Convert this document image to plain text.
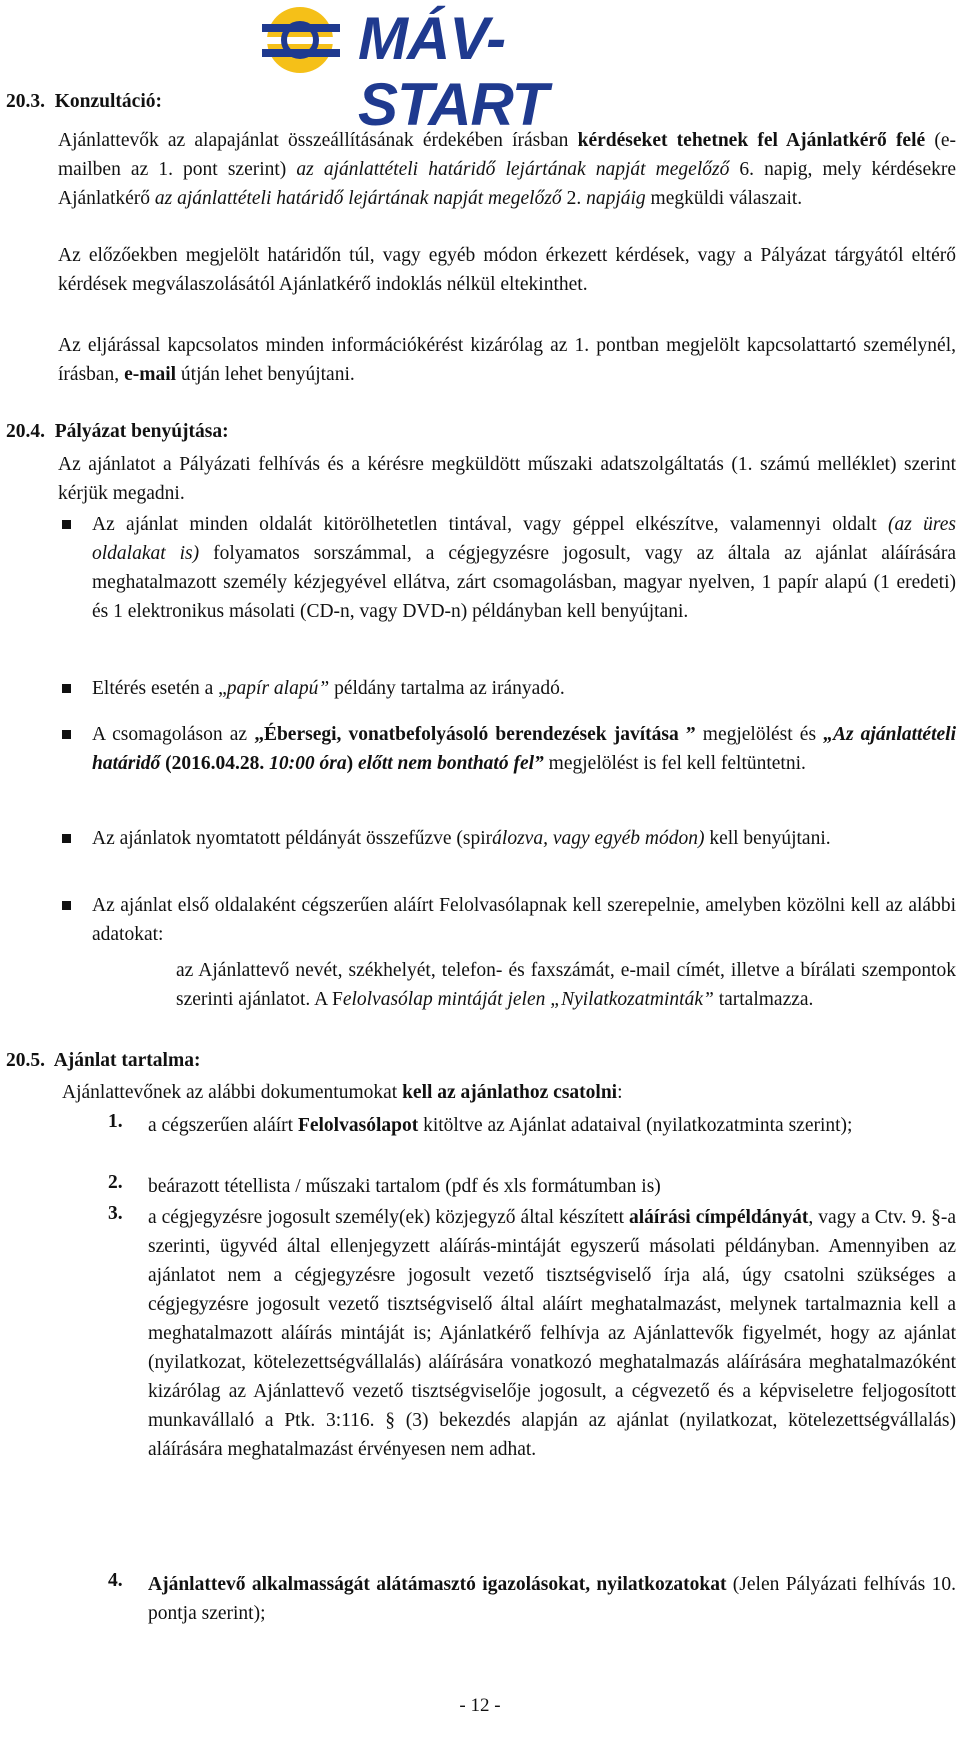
MÁV-START
20.3. Konzultáció:
Ajánlattevők az alapajánlat összeállításának érdekében írásban kérdéseket tehetnek fel Ajánlatkérő felé (e-mailben az 1. pont szerint) az ajánlattételi határidő lejártának napját megelőző 6. napig, mely kérdésekre Ajánlatkérő az ajánlattételi határidő lejártának napját megelőző 2. napjáig megküldi válaszait.
Az előzőekben megjelölt határidőn túl, vagy egyéb módon érkezett kérdések, vagy a Pályázat tárgyától eltérő kérdések megválaszolásától Ajánlatkérő indoklás nélkül eltekinthet.
Az eljárással kapcsolatos minden információkérést kizárólag az 1. pontban megjelölt kapcsolattartó személynél, írásban, e-mail útján lehet benyújtani.
20.4. Pályázat benyújtása:
Az ajánlatot a Pályázati felhívás és a kérésre megküldött műszaki adatszolgáltatás (1. számú melléklet) szerint kérjük megadni.
Az ajánlat minden oldalát kitörölhetetlen tintával, vagy géppel elkészítve, valamennyi oldalt (az üres oldalakat is) folyamatos sorszámmal, a cégjegyzésre jogosult, vagy az általa az ajánlat aláírására meghatalmazott személy kézjegyével ellátva, zárt csomagolásban, magyar nyelven, 1 papír alapú (1 eredeti) és 1 elektronikus másolati (CD-n, vagy DVD-n) példányban kell benyújtani.
Eltérés esetén a „papír alapú” példány tartalma az irányadó.
A csomagoláson az „Ébersegi, vonatbefolyásoló berendezések javítása ” megjelölést és „Az ajánlattételi határidő (2016.04.28. 10:00 óra) előtt nem bontható fel” megjelölést is fel kell feltüntetni.
Az ajánlatok nyomtatott példányát összefűzve (spirálozva, vagy egyéb módon) kell benyújtani.
Az ajánlat első oldalaként cégszerűen aláírt Felolvasólapnak kell szerepelnie, amelyben közölni kell az alábbi adatokat:
az Ajánlattevő nevét, székhelyét, telefon- és faxszámát, e-mail címét, illetve a bírálati szempontok szerinti ajánlatot. A Felolvasólap mintáját jelen „Nyilatkozatminták” tartalmazza.
20.5. Ajánlat tartalma:
Ajánlattevőnek az alábbi dokumentumokat kell az ajánlathoz csatolni:
1. a cégszerűen aláírt Felolvasólapot kitöltve az Ajánlat adataival (nyilatkozatminta szerint);
2. beárazott tétellista / műszaki tartalom (pdf és xls formátumban is)
3. a cégjegyzésre jogosult személy(ek) közjegyző által készített aláírási címpéldányát, vagy a Ctv. 9. §-a szerinti, ügyvéd által ellenjegyzett aláírás-mintáját egyszerű másolati példányban. Amennyiben az ajánlatot nem a cégjegyzésre jogosult vezető tisztségviselő írja alá, úgy csatolni szükséges a cégjegyzésre jogosult vezető tisztségviselő által aláírt meghatalmazást, melynek tartalmaznia kell a meghatalmazott aláírás mintáját is; Ajánlatkérő felhívja az Ajánlattevők figyelmét, hogy az ajánlat (nyilatkozat, kötelezettségvállalás) aláírására vonatkozó meghatalmazás aláírására meghatalmazóként kizárólag az Ajánlattevő vezető tisztségviselője jogosult, a cégvezető és a képviseletre feljogosított munkavállaló a Ptk. 3:116. § (3) bekezdés alapján az ajánlat (nyilatkozat, kötelezettségvállalás) aláírására meghatalmazást érvényesen nem adhat.
4. Ajánlattevő alkalmasságát alátámasztó igazolásokat, nyilatkozatokat (Jelen Pályázati felhívás 10. pontja szerint);
- 12 -
